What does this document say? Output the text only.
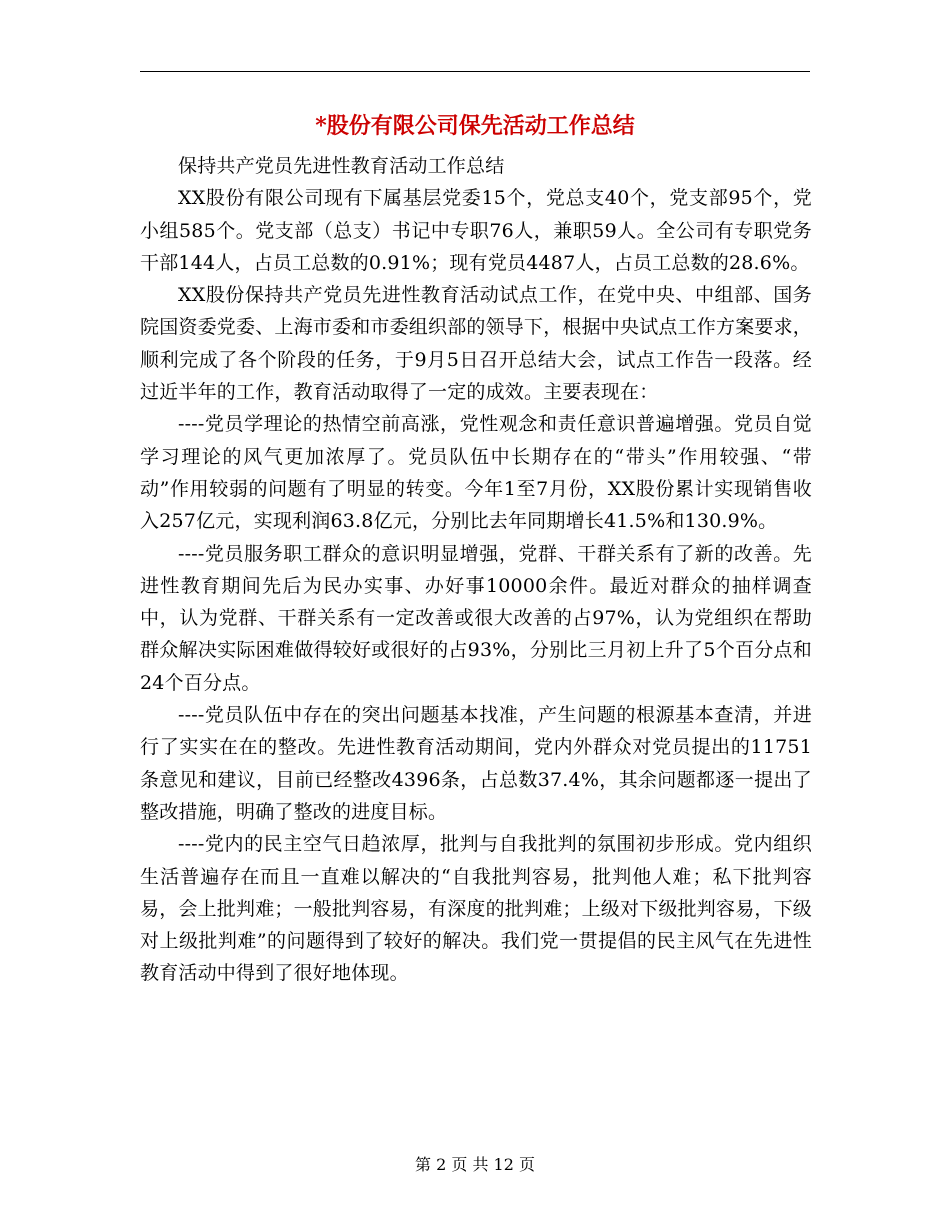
*股份有限公司保先活动工作总结

保持共产党员先进性教育活动工作总结

XX股份有限公司现有下属基层党委15个，党总支40个，党支部95个，党小组585个。党支部（总支）书记中专职76人，兼职59人。全公司有专职党务干部144人，占员工总数的0.91%；现有党员4487人，占员工总数的28.6%。

XX股份保持共产党员先进性教育活动试点工作，在党中央、中组部、国务院国资委党委、上海市委和市委组织部的领导下，根据中央试点工作方案要求，顺利完成了各个阶段的任务，于9月5日召开总结大会，试点工作告一段落。经过近半年的工作，教育活动取得了一定的成效。主要表现在：

----党员学理论的热情空前高涨，党性观念和责任意识普遍增强。党员自觉学习理论的风气更加浓厚了。党员队伍中长期存在的“带头”作用较强、“带动”作用较弱的问题有了明显的转变。今年1至7月份，XX股份累计实现销售收入257亿元，实现利润63.8亿元，分别比去年同期增长41.5%和130.9%。

----党员服务职工群众的意识明显增强，党群、干群关系有了新的改善。先进性教育期间先后为民办实事、办好事10000余件。最近对群众的抽样调查中，认为党群、干群关系有一定改善或很大改善的占97%，认为党组织在帮助群众解决实际困难做得较好或很好的占93%，分别比三月初上升了5个百分点和24个百分点。

----党员队伍中存在的突出问题基本找准，产生问题的根源基本查清，并进行了实实在在的整改。先进性教育活动期间，党内外群众对党员提出的11751条意见和建议，目前已经整改4396条，占总数37.4%，其余问题都逐一提出了整改措施，明确了整改的进度目标。

----党内的民主空气日趋浓厚，批判与自我批判的氛围初步形成。党内组织生活普遍存在而且一直难以解决的“自我批判容易，批判他人难；私下批判容易，会上批判难；一般批判容易，有深度的批判难；上级对下级批判容易，下级对上级批判难”的问题得到了较好的解决。我们党一贯提倡的民主风气在先进性教育活动中得到了很好地体现。

第 2 页 共 12 页
